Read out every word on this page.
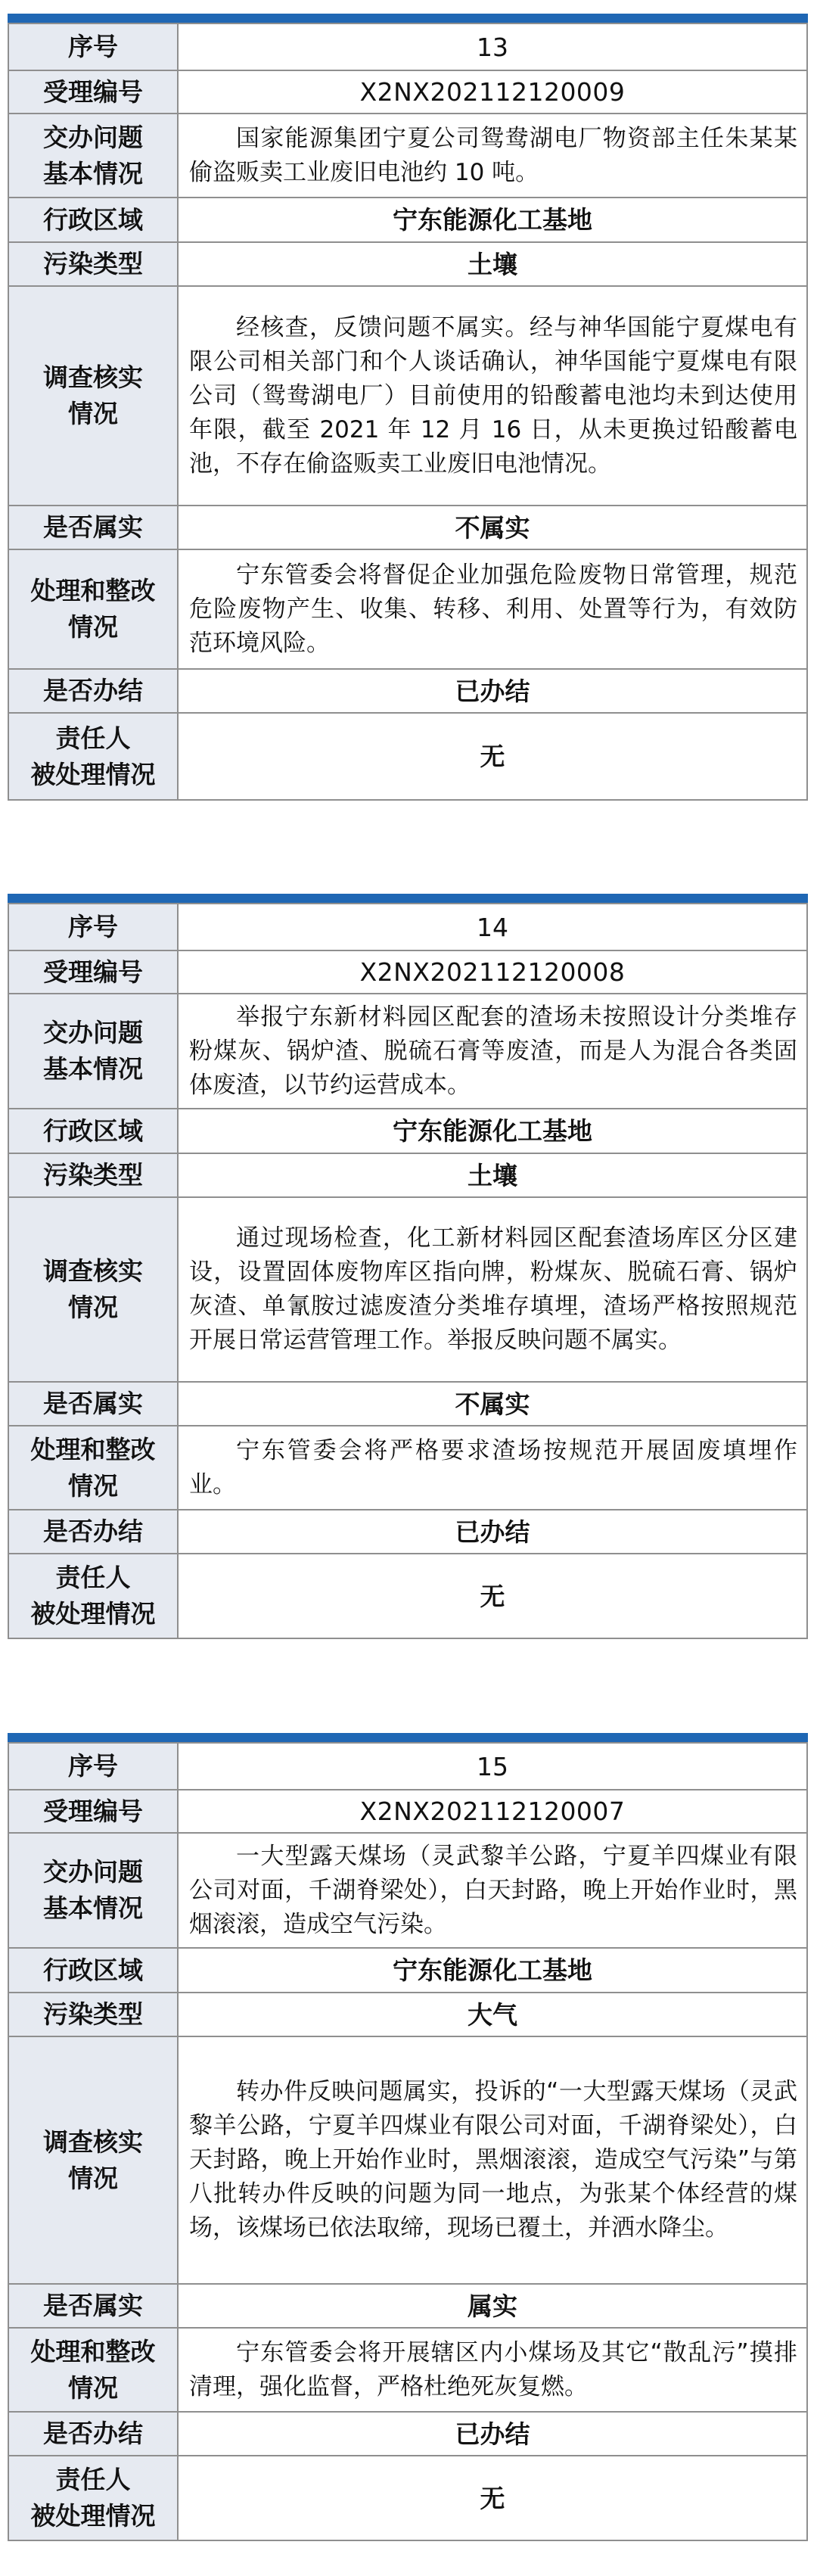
序号	13
受理编号	X2NX202112120009

交办问题
基本情况	国家能源集团宁夏公司鸳鸯湖电厂物资部主任朱某某偷盗贩卖工业废旧电池约 10 吨。
行政区域	宁东能源化工基地
污染类型	土壤

调查核实
情况	经核查，反馈问题不属实。经与神华国能宁夏煤电有限公司相关部门和个人谈话确认，神华国能宁夏煤电有限公司（鸳鸯湖电厂）目前使用的铅酸蓄电池均未到达使用年限，截至 2021 年 12 月 16 日，从未更换过铅酸蓄电池，不存在偷盗贩卖工业废旧电池情况。
是否属实	不属实

处理和整改
情况	宁东管委会将督促企业加强危险废物日常管理，规范危险废物产生、收集、转移、利用、处置等行为，有效防范环境风险。
是否办结	已办结

责任人
被处理情况	无
序号	14
受理编号	X2NX202112120008

交办问题
基本情况	举报宁东新材料园区配套的渣场未按照设计分类堆存粉煤灰、锅炉渣、脱硫石膏等废渣，而是人为混合各类固体废渣，以节约运营成本。
行政区域	宁东能源化工基地
污染类型	土壤

调查核实
情况	通过现场检查，化工新材料园区配套渣场库区分区建设，设置固体废物库区指向牌，粉煤灰、脱硫石膏、锅炉灰渣、单氰胺过滤废渣分类堆存填埋，渣场严格按照规范开展日常运营管理工作。举报反映问题不属实。
是否属实	不属实

处理和整改
情况	宁东管委会将严格要求渣场按规范开展固废填埋作业。
是否办结	已办结

责任人
被处理情况	无
序号	15
受理编号	X2NX202112120007

交办问题
基本情况	一大型露天煤场（灵武黎羊公路，宁夏羊四煤业有限公司对面，千湖脊梁处），白天封路，晚上开始作业时，黑烟滚滚，造成空气污染。
行政区域	宁东能源化工基地
污染类型	大气

调查核实
情况	转办件反映问题属实，投诉的“一大型露天煤场（灵武黎羊公路，宁夏羊四煤业有限公司对面，千湖脊梁处），白天封路，晚上开始作业时，黑烟滚滚，造成空气污染”与第八批转办件反映的问题为同一地点，为张某个体经营的煤场，该煤场已依法取缔，现场已覆土，并洒水降尘。
是否属实	属实

处理和整改
情况	宁东管委会将开展辖区内小煤场及其它“散乱污”摸排清理，强化监督，严格杜绝死灰复燃。
是否办结	已办结

责任人
被处理情况	无
